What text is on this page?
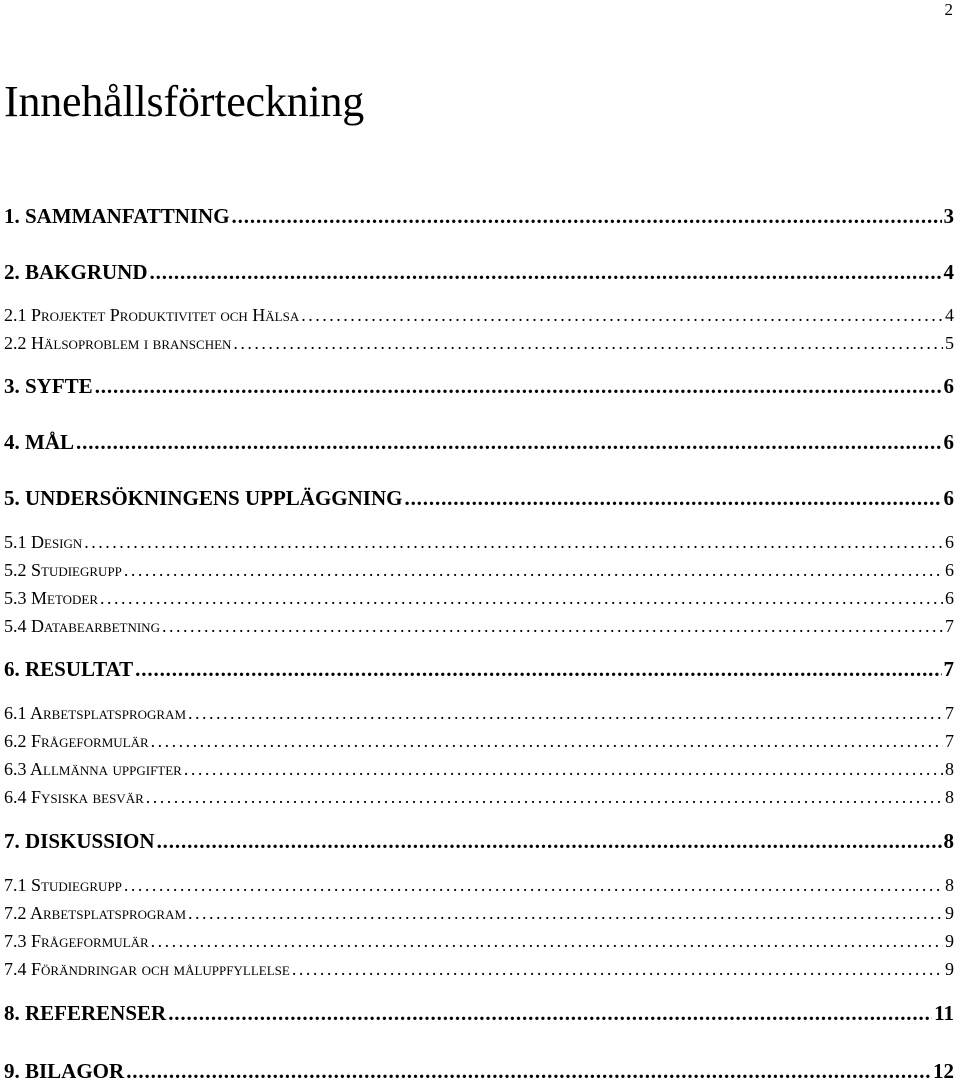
2
Innehållsförteckning
1. SAMMANFATTNING . . .	3
2. BAKGRUND . . .	4
2.1 Projektet Produktivitet och Hälsa . . .	4
2.2 Hälsoproblem i branschen . . .	5
3. SYFTE . . .	6
4. MÅL . . .	6
5. UNDERSÖKNINGENS UPPLÄGGNING . . .	6
5.1 Design . . .	6
5.2 Studiegrupp . . .	6
5.3 Metoder . . .	6
5.4 Databearbetning . . .	7
6. RESULTAT . . .	7
6.1 Arbetsplatsprogram . . .	7
6.2 Frågeformulär . . .	7
6.3 Allmänna uppgifter . . .	8
6.4 Fysiska besvär . . .	8
7. DISKUSSION . . .	8
7.1 Studiegrupp . . .	8
7.2 Arbetsplatsprogram . . .	9
7.3 Frågeformulär . . .	9
7.4 Förändringar och måluppfyllelse . . .	9
8. REFERENSER . . .	11
9. BILAGOR . . .	12
